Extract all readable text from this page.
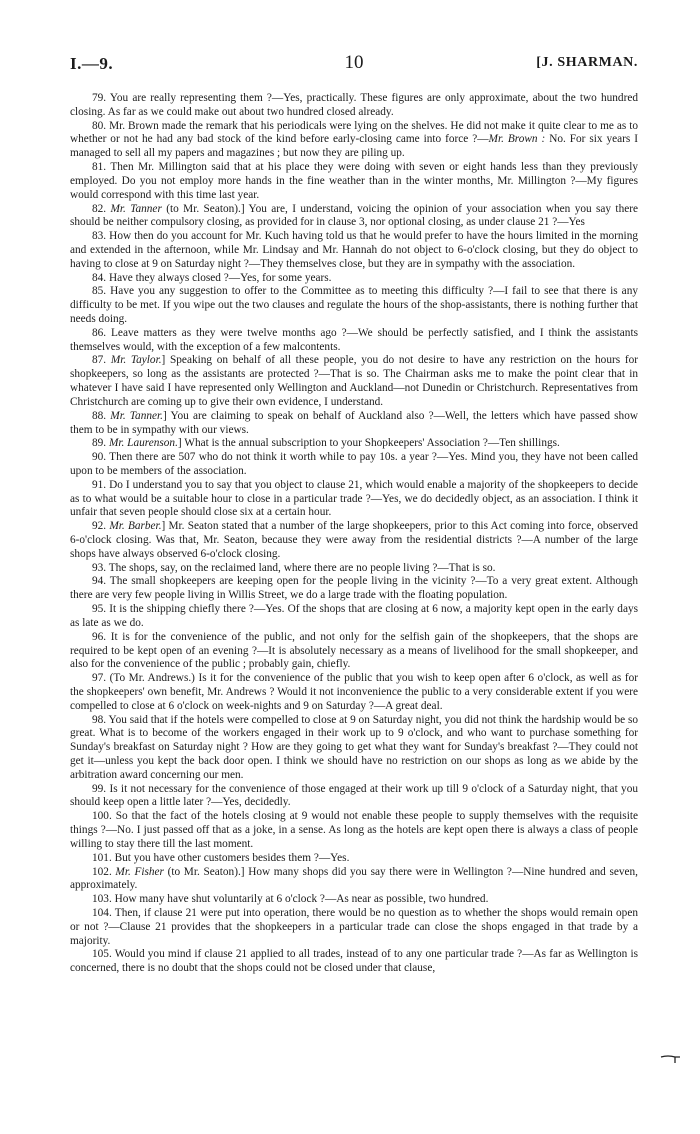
I.—9.	10	[J. SHARMAN.

79. You are really representing them ?—Yes, practically. These figures are only approximate, about the two hundred closing. As far as we could make out about two hundred closed already.

80. Mr. Brown made the remark that his periodicals were lying on the shelves. He did not make it quite clear to me as to whether or not he had any bad stock of the kind before early-closing came into force ?—Mr. Brown : No. For six years I managed to sell all my papers and magazines ; but now they are piling up.

81. Then Mr. Millington said that at his place they were doing with seven or eight hands less than they previously employed. Do you not employ more hands in the fine weather than in the winter months, Mr. Millington ?—My figures would correspond with this time last year.

82. Mr. Tanner (to Mr. Seaton).] You are, I understand, voicing the opinion of your association when you say there should be neither compulsory closing, as provided for in clause 3, nor optional closing, as under clause 21 ?—Yes

83. How then do you account for Mr. Kuch having told us that he would prefer to have the hours limited in the morning and extended in the afternoon, while Mr. Lindsay and Mr. Hannah do not object to 6-o'clock closing, but they do object to having to close at 9 on Saturday night ?—They themselves close, but they are in sympathy with the association.

84. Have they always closed ?—Yes, for some years.

85. Have you any suggestion to offer to the Committee as to meeting this difficulty ?—I fail to see that there is any difficulty to be met. If you wipe out the two clauses and regulate the hours of the shop-assistants, there is nothing further that needs doing.

86. Leave matters as they were twelve months ago ?—We should be perfectly satisfied, and I think the assistants themselves would, with the exception of a few malcontents.

87. Mr. Taylor.] Speaking on behalf of all these people, you do not desire to have any restriction on the hours for shopkeepers, so long as the assistants are protected ?—That is so. The Chairman asks me to make the point clear that in whatever I have said I have represented only Wellington and Auckland—not Dunedin or Christchurch. Representatives from Christchurch are coming up to give their own evidence, I understand.

88. Mr. Tanner.] You are claiming to speak on behalf of Auckland also ?—Well, the letters which have passed show them to be in sympathy with our views.

89. Mr. Laurenson.] What is the annual subscription to your Shopkeepers' Association ?—Ten shillings.

90. Then there are 507 who do not think it worth while to pay 10s. a year ?—Yes. Mind you, they have not been called upon to be members of the association.

91. Do I understand you to say that you object to clause 21, which would enable a majority of the shopkeepers to decide as to what would be a suitable hour to close in a particular trade ?—Yes, we do decidedly object, as an association. I think it unfair that seven people should close six at a certain hour.

92. Mr. Barber.] Mr. Seaton stated that a number of the large shopkeepers, prior to this Act coming into force, observed 6-o'clock closing. Was that, Mr. Seaton, because they were away from the residential districts ?—A number of the large shops have always observed 6-o'clock closing.

93. The shops, say, on the reclaimed land, where there are no people living ?—That is so.

94. The small shopkeepers are keeping open for the people living in the vicinity ?—To a very great extent. Although there are very few people living in Willis Street, we do a large trade with the floating population.

95. It is the shipping chiefly there ?—Yes. Of the shops that are closing at 6 now, a majority kept open in the early days as late as we do.

96. It is for the convenience of the public, and not only for the selfish gain of the shopkeepers, that the shops are required to be kept open of an evening ?—It is absolutely necessary as a means of livelihood for the small shopkeeper, and also for the convenience of the public ; probably gain, chiefly.

97. (To Mr. Andrews.) Is it for the convenience of the public that you wish to keep open after 6 o'clock, as well as for the shopkeepers' own benefit, Mr. Andrews ? Would it not inconvenience the public to a very considerable extent if you were compelled to close at 6 o'clock on week-nights and 9 on Saturday ?—A great deal.

98. You said that if the hotels were compelled to close at 9 on Saturday night, you did not think the hardship would be so great. What is to become of the workers engaged in their work up to 9 o'clock, and who want to purchase something for Sunday's breakfast on Saturday night ? How are they going to get what they want for Sunday's breakfast ?—They could not get it—unless you kept the back door open. I think we should have no restriction on our shops as long as we abide by the arbitration award concerning our men.

99. Is it not necessary for the convenience of those engaged at their work up till 9 o'clock of a Saturday night, that you should keep open a little later ?—Yes, decidedly.

100. So that the fact of the hotels closing at 9 would not enable these people to supply themselves with the requisite things ?—No. I just passed off that as a joke, in a sense. As long as the hotels are kept open there is always a class of people willing to stay there till the last moment.

101. But you have other customers besides them ?—Yes.

102. Mr. Fisher (to Mr. Seaton).] How many shops did you say there were in Wellington ?—Nine hundred and seven, approximately.

103. How many have shut voluntarily at 6 o'clock ?—As near as possible, two hundred.

104. Then, if clause 21 were put into operation, there would be no question as to whether the shops would remain open or not ?—Clause 21 provides that the shopkeepers in a particular trade can close the shops engaged in that trade by a majority.

105. Would you mind if clause 21 applied to all trades, instead of to any one particular trade ?—As far as Wellington is concerned, there is no doubt that the shops could not be closed under that clause,
